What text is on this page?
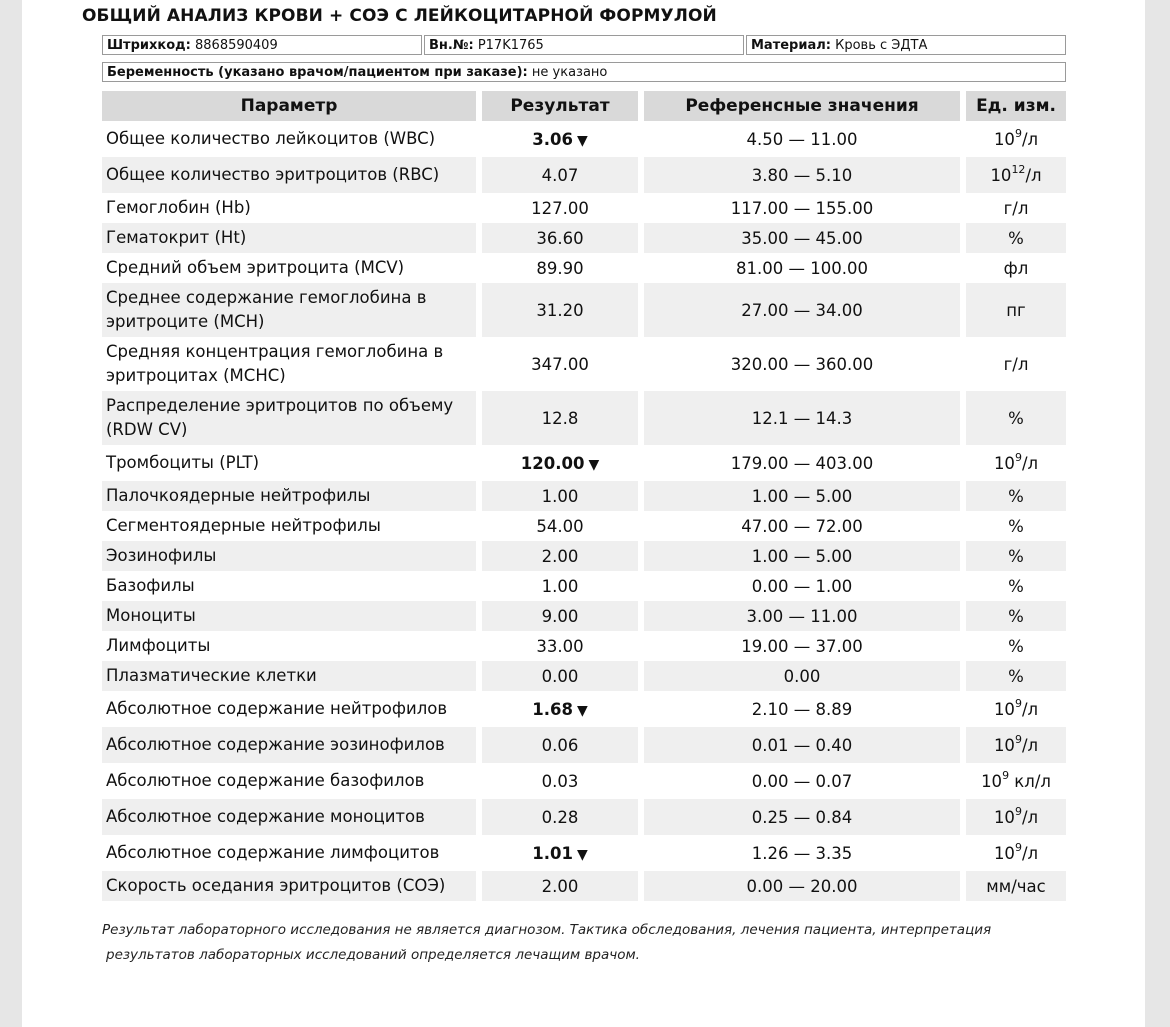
ОБЩИЙ АНАЛИЗ КРОВИ + СОЭ С ЛЕЙКОЦИТАРНОЙ ФОРМУЛОЙ
Штрихкод: 8868590409	Вн.№: P17K1765	Материал: Кровь с ЭДТА
Беременность (указано врачом/пациентом при заказе): не указано
Параметр	Результат	Референсные значения	Ед. изм.
Общее количество лейкоцитов (WBC)	3.06 ▼	4.50 — 11.00	$10^9/л$
Общее количество эритроцитов (RBC)	4.07	3.80 — 5.10	$10^{12}/л$
Гемоглобин (Hb)	127.00	117.00 — 155.00	г/л
Гематокрит (Ht)	36.60	35.00 — 45.00	%
Средний объем эритроцита (MCV)	89.90	81.00 — 100.00	фл

Среднее содержание гемоглобина в
эритроците (MCH)	31.20	27.00 — 34.00	пг

Средняя концентрация гемоглобина в
эритроцитах (MCHC)	347.00	320.00 — 360.00	г/л

Распределение эритроцитов по объему
(RDW CV)	12.8	12.1 — 14.3	%
Тромбоциты (PLT)	120.00 ▼	179.00 — 403.00	$10^9/л$
Палочкоядерные нейтрофилы	1.00	1.00 — 5.00	%
Сегментоядерные нейтрофилы	54.00	47.00 — 72.00	%
Эозинофилы	2.00	1.00 — 5.00	%
Базофилы	1.00	0.00 — 1.00	%
Моноциты	9.00	3.00 — 11.00	%
Лимфоциты	33.00	19.00 — 37.00	%
Плазматические клетки	0.00	0.00	%
Абсолютное содержание нейтрофилов	1.68 ▼	2.10 — 8.89	$10^9/л$
Абсолютное содержание эозинофилов	0.06	0.01 — 0.40	$10^9/л$
Абсолютное содержание базофилов	0.03	0.00 — 0.07	$10^9$ кл/л
Абсолютное содержание моноцитов	0.28	0.25 — 0.84	$10^9/л$
Абсолютное содержание лимфоцитов	1.01 ▼	1.26 — 3.35	$10^9/л$
Скорость оседания эритроцитов (СОЭ)	2.00	0.00 — 20.00	мм/час
Результат лабораторного исследования не является диагнозом. Тактика обследования, лечения пациента, интерпретация
результатов лабораторных исследований определяется лечащим врачом.
